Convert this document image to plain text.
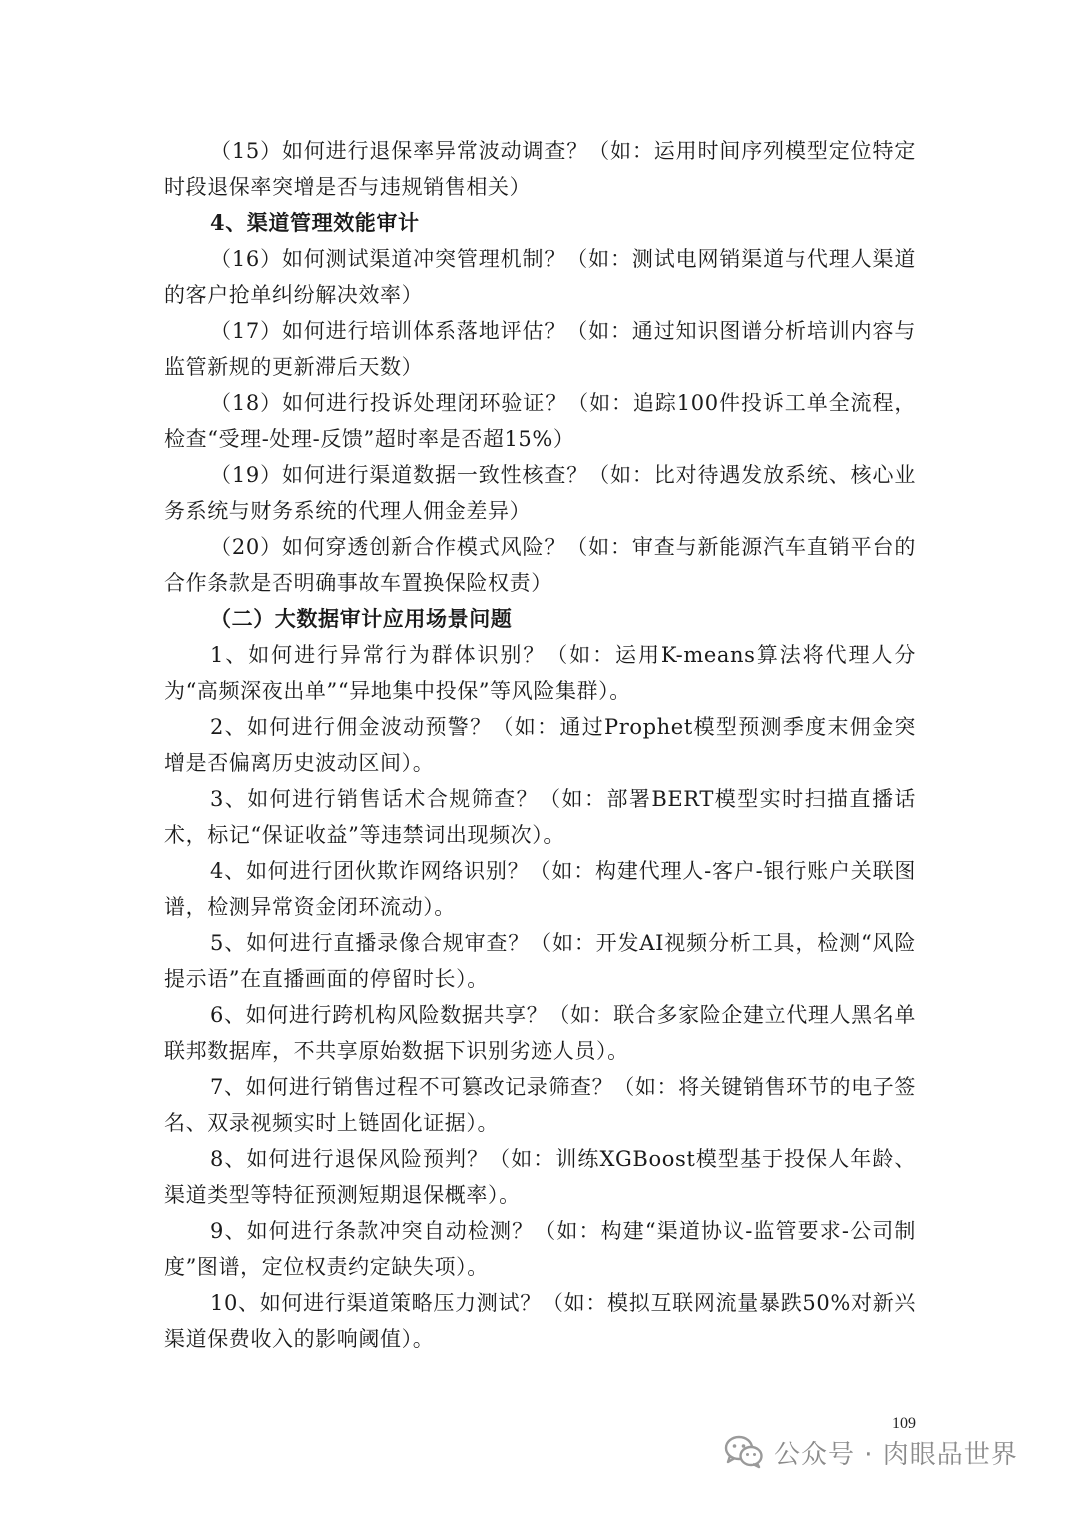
（15）如何进行退保率异常波动调查？（如：运用时间序列模型定位特定时段退保率突增是否与违规销售相关）

4、渠道管理效能审计

（16）如何测试渠道冲突管理机制？（如：测试电网销渠道与代理人渠道的客户抢单纠纷解决效率）

（17）如何进行培训体系落地评估？（如：通过知识图谱分析培训内容与监管新规的更新滞后天数）

（18）如何进行投诉处理闭环验证？（如：追踪100件投诉工单全流程，检查“受理-处理-反馈”超时率是否超15%）

（19）如何进行渠道数据一致性核查？（如：比对待遇发放系统、核心业务系统与财务系统的代理人佣金差异）

（20）如何穿透创新合作模式风险？（如：审查与新能源汽车直销平台的合作条款是否明确事故车置换保险权责）

（二）大数据审计应用场景问题

1、如何进行异常行为群体识别？（如：运用K-means算法将代理人分为“高频深夜出单”“异地集中投保”等风险集群）。

2、如何进行佣金波动预警？（如：通过Prophet模型预测季度末佣金突增是否偏离历史波动区间）。

3、如何进行销售话术合规筛查？（如：部署BERT模型实时扫描直播话术，标记“保证收益”等违禁词出现频次）。

4、如何进行团伙欺诈网络识别？（如：构建代理人-客户-银行账户关联图谱，检测异常资金闭环流动）。

5、如何进行直播录像合规审查？（如：开发AI视频分析工具，检测“风险提示语”在直播画面的停留时长）。

6、如何进行跨机构风险数据共享？（如：联合多家险企建立代理人黑名单联邦数据库，不共享原始数据下识别劣迹人员）。

7、如何进行销售过程不可篡改记录筛查？（如：将关键销售环节的电子签名、双录视频实时上链固化证据）。

8、如何进行退保风险预判？（如：训练XGBoost模型基于投保人年龄、渠道类型等特征预测短期退保概率）。

9、如何进行条款冲突自动检测？（如：构建“渠道协议-监管要求-公司制度”图谱，定位权责约定缺失项）。

10、如何进行渠道策略压力测试？（如：模拟互联网流量暴跌50%对新兴渠道保费收入的影响阈值）。

109
公众号 · 肉眼品世界
